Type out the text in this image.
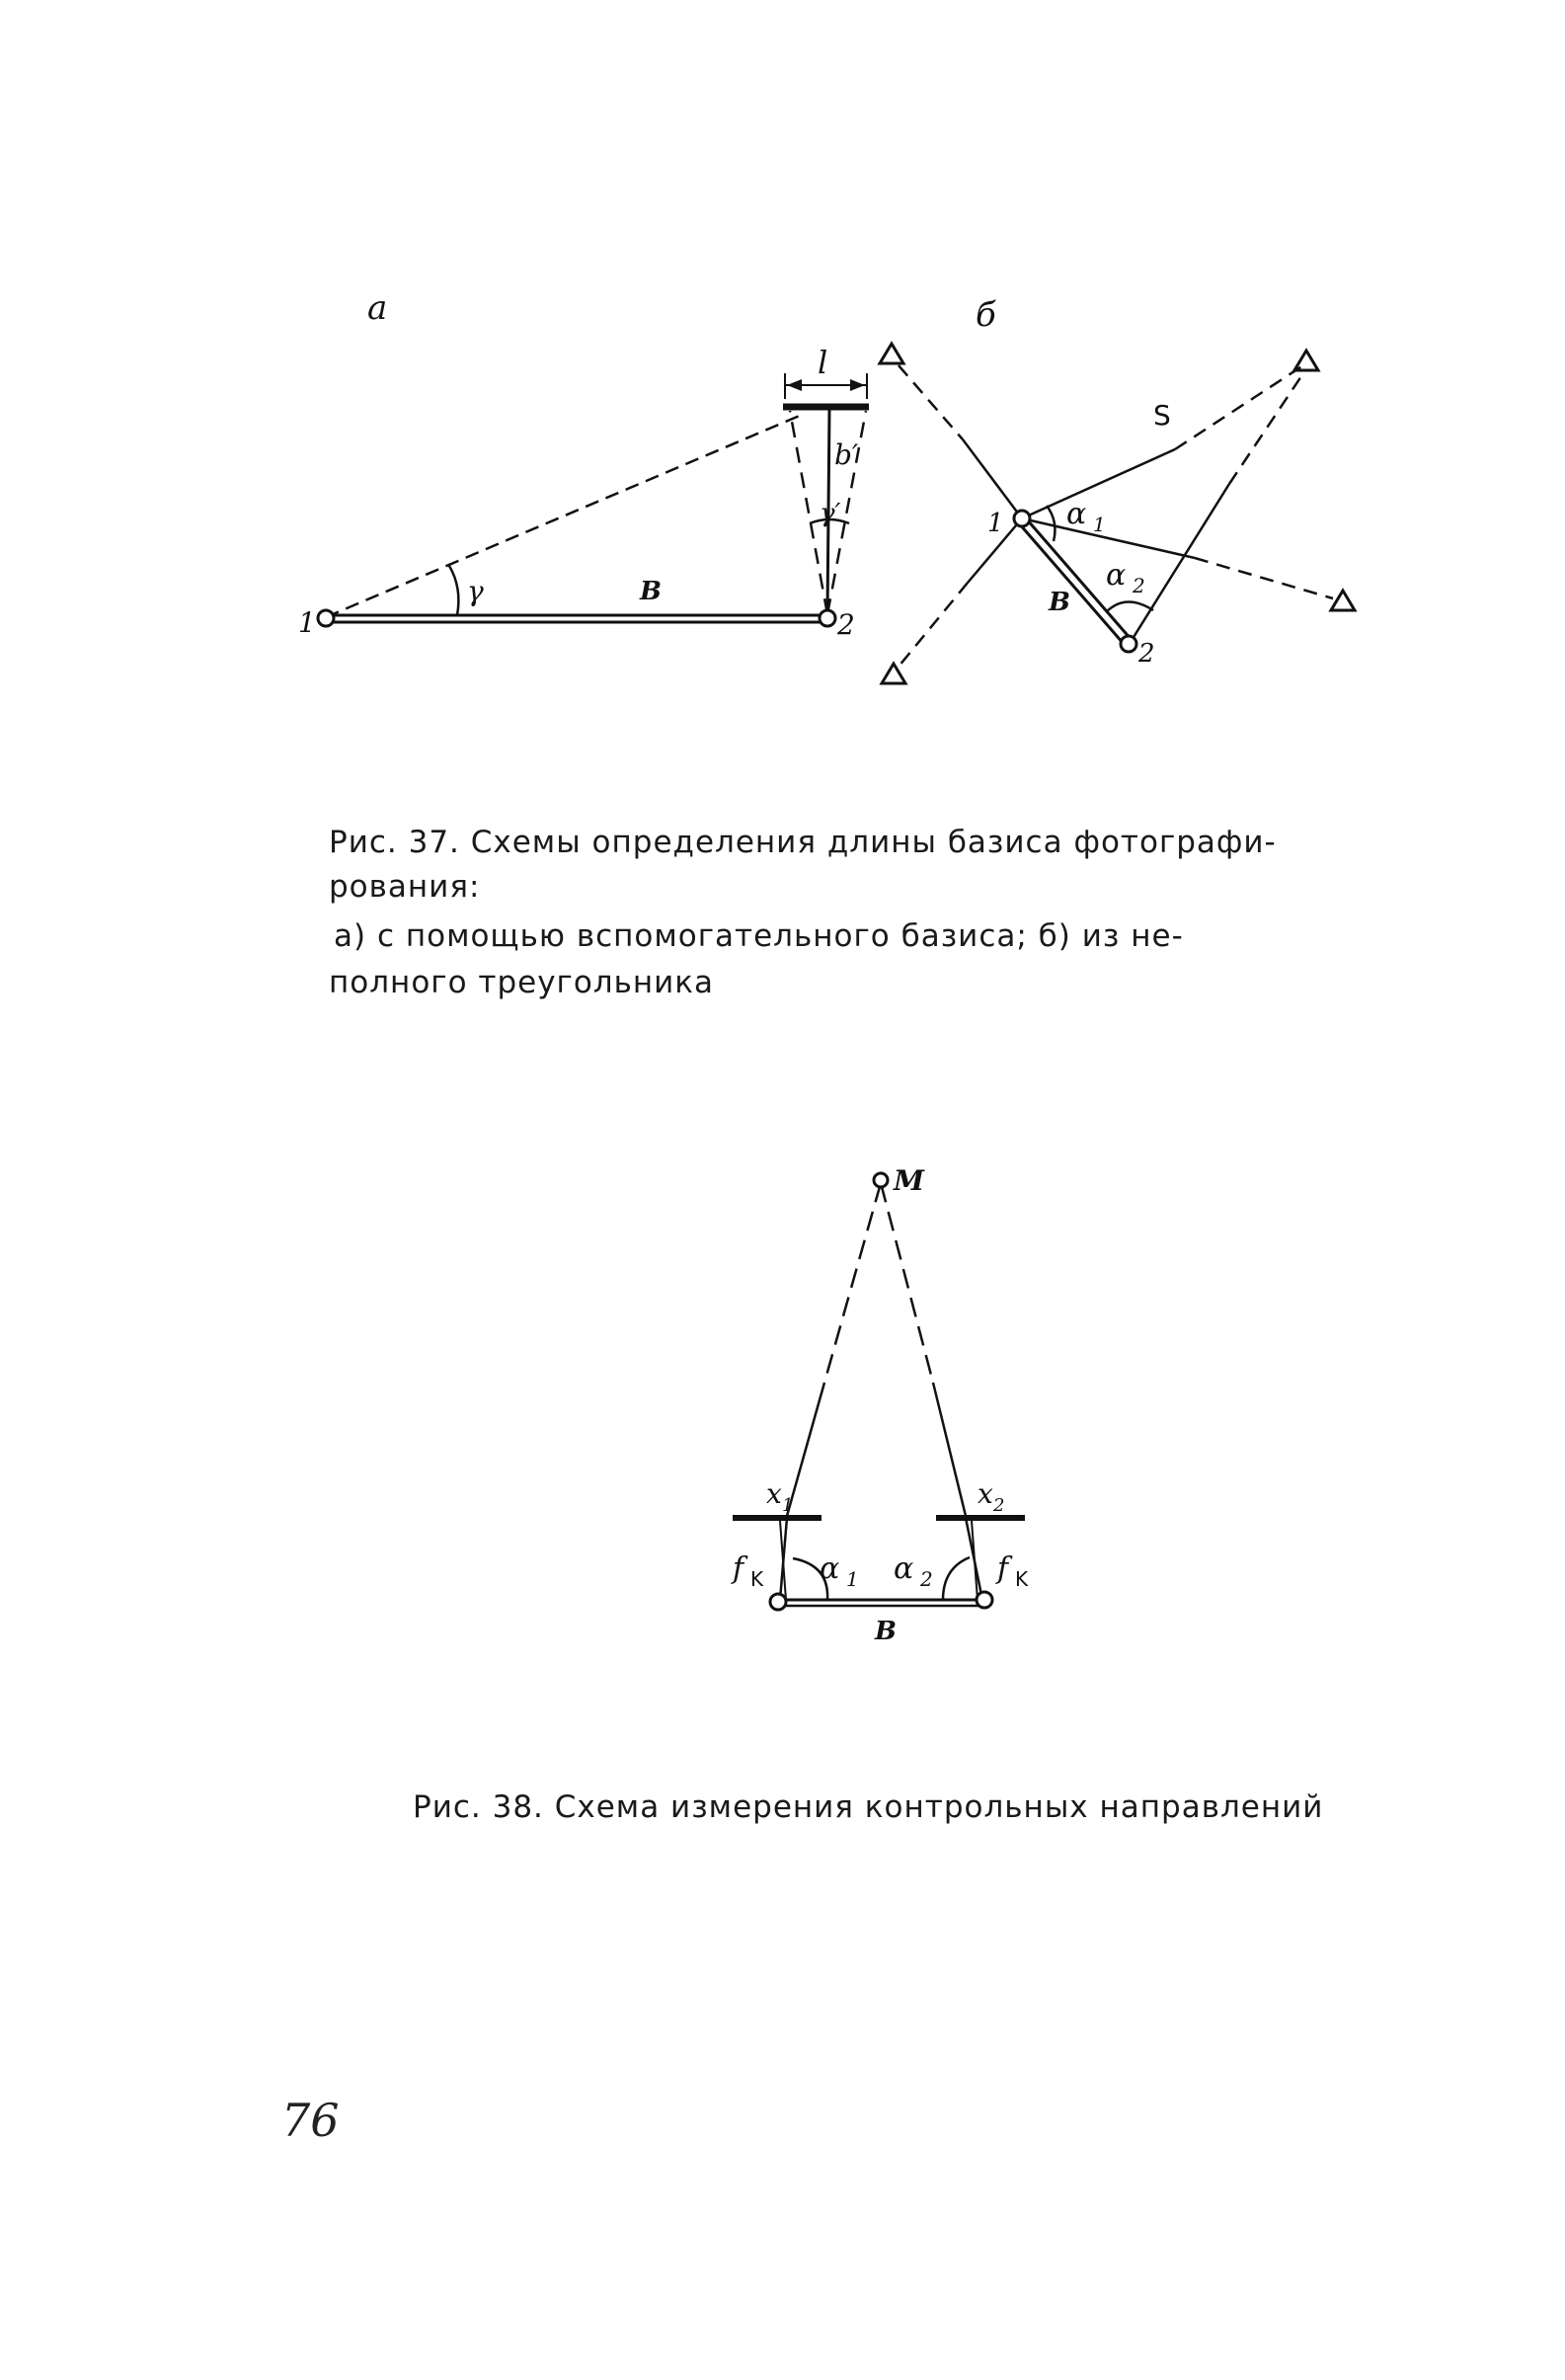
а
1	2
B
γ
l
b′
γ′
б
1
2
B
S
α 1
α 2
M
x 1	x 2
f K	f K
α 1 α 2
B
Рис. 37. Схемы определения длины базиса фотографи-
рования:
а) с помощью вспомогательного базиса; б) из не-
полного треугольника
Рис. 38. Схема измерения контрольных направлений
76
